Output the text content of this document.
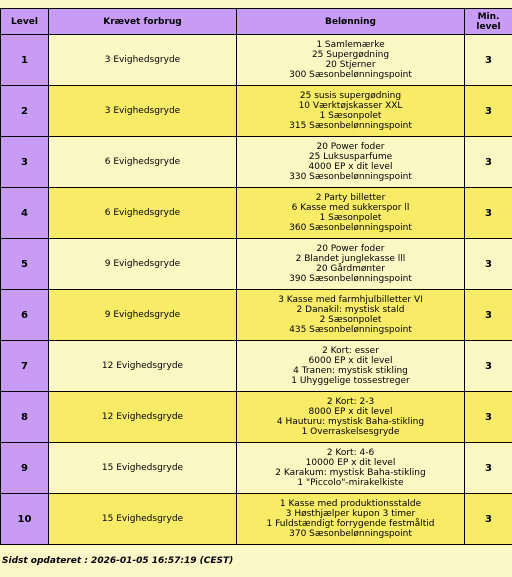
Level	Krævet forbrug	Belønning	Min. level
1	3 Evighedsgryde	1 Samlemærke
25 Supergødning
20 Stjerner
300 Sæsonbelønningspoint	3
2	3 Evighedsgryde	25 susis supergødning
10 Værktøjskasser XXL
1 Sæsonpolet
315 Sæsonbelønningspoint	3
3	6 Evighedsgryde	20 Power foder
25 Luksusparfume
4000 EP x dit level
330 Sæsonbelønningspoint	3
4	6 Evighedsgryde	2 Party billetter
6 Kasse med sukkerspor ll
1 Sæsonpolet
360 Sæsonbelønningspoint	3
5	9 Evighedsgryde	20 Power foder
2 Blandet junglekasse lll
20 Gårdmønter
390 Sæsonbelønningspoint	3
6	9 Evighedsgryde	3 Kasse med farmhjulbilletter VI
2 Danakil: mystisk stald
2 Sæsonpolet
435 Sæsonbelønningspoint	3
7	12 Evighedsgryde	2 Kort: esser
6000 EP x dit level
4 Tranen: mystisk stikling
1 Uhyggelige tossestreger	3
8	12 Evighedsgryde	2 Kort: 2-3
8000 EP x dit level
4 Hauturu: mystisk Baha-stikling
1 Overraskelsesgryde	3
9	15 Evighedsgryde	2 Kort: 4-6
10000 EP x dit level
2 Karakum: mystisk Baha-stikling
1 "Piccolo"-mirakelkiste	3
10	15 Evighedsgryde	1 Kasse med produktionsstalde
3 Høsthjælper kupon 3 timer
1 Fuldstændigt forrygende festmåltid
370 Sæsonbelønningspoint	3
Sidst opdateret : 2026-01-05 16:57:19 (CEST)
